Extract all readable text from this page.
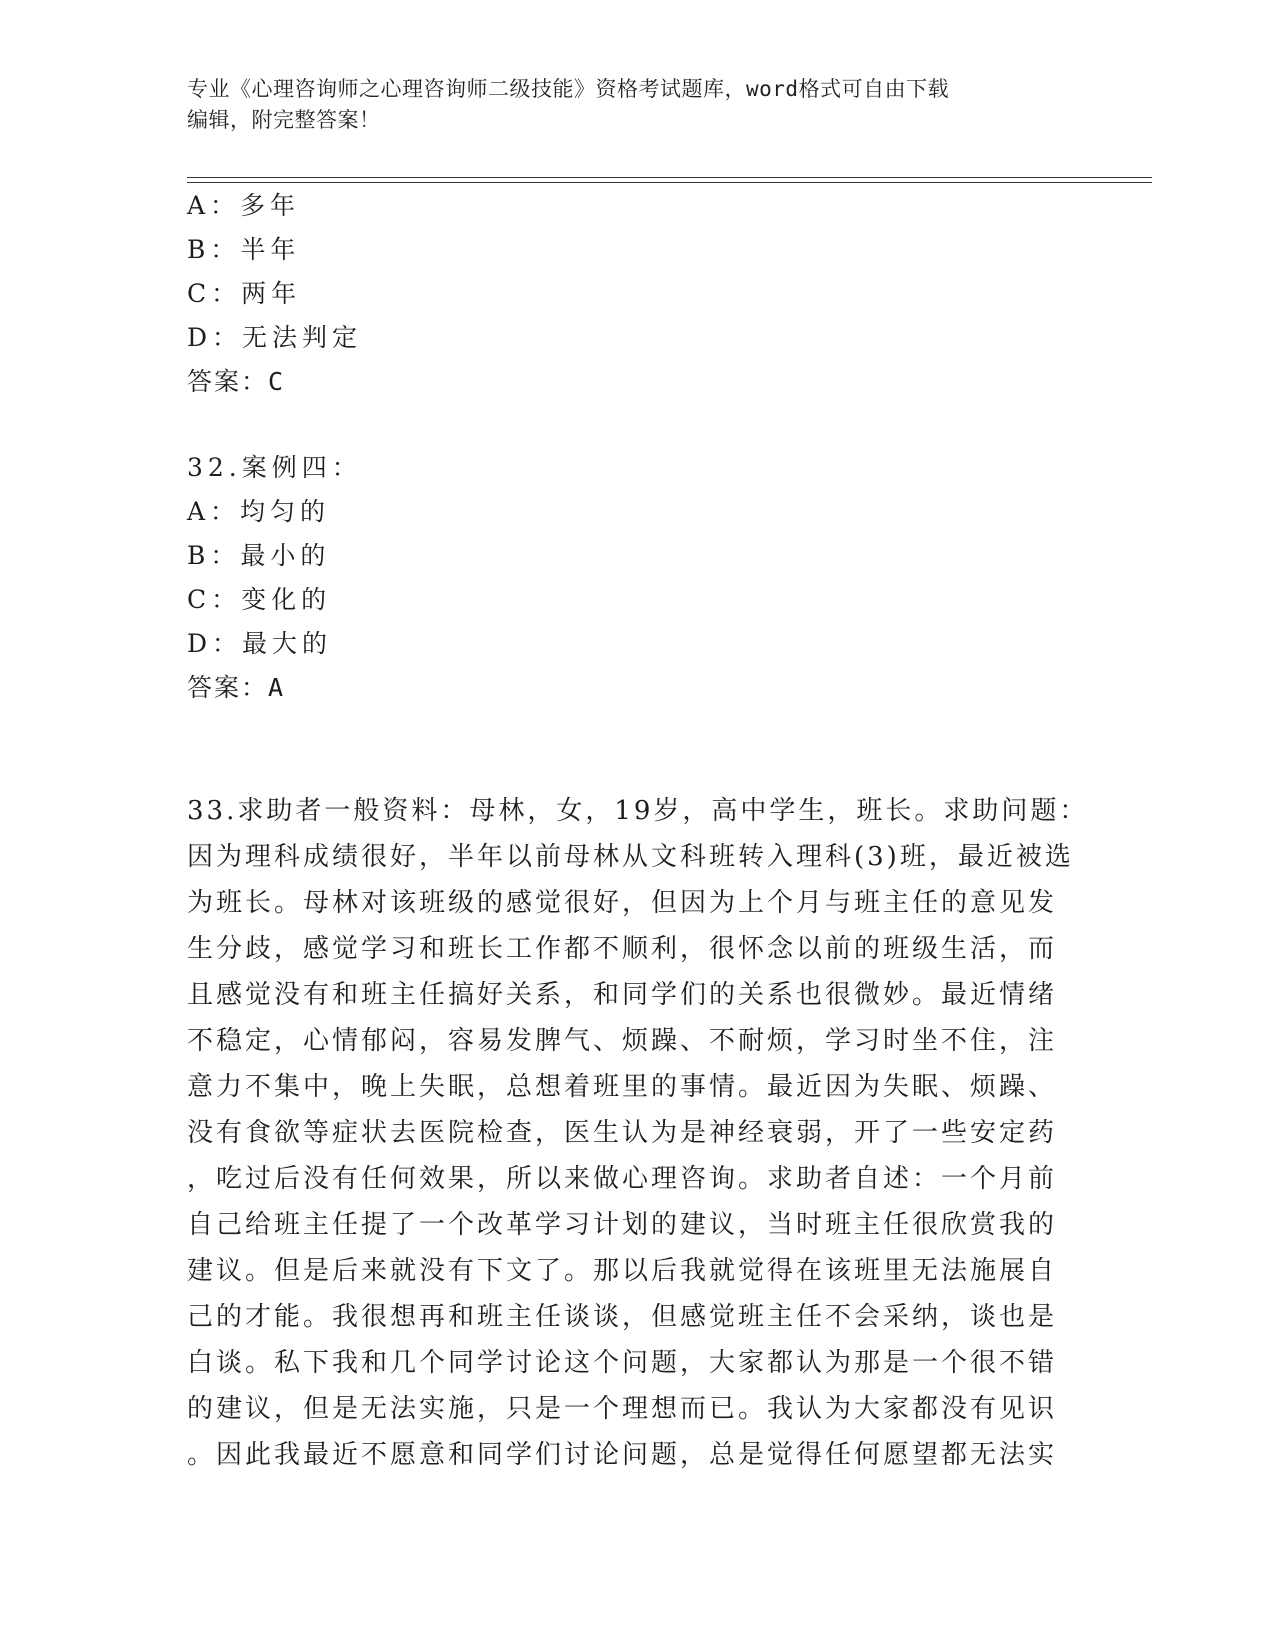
专业《心理咨询师之心理咨询师二级技能》资格考试题库，word格式可自由下载
编辑，附完整答案！
A：多年
B：半年
C：两年
D：无法判定
答案：C
32.案例四：
A：均匀的
B：最小的
C：变化的
D：最大的
答案：A
33.求助者一般资料：母林，女，19岁，高中学生，班长。求助问题：
因为理科成绩很好，半年以前母林从文科班转入理科(3)班，最近被选
为班长。母林对该班级的感觉很好，但因为上个月与班主任的意见发
生分歧，感觉学习和班长工作都不顺利，很怀念以前的班级生活，而
且感觉没有和班主任搞好关系，和同学们的关系也很微妙。最近情绪
不稳定，心情郁闷，容易发脾气、烦躁、不耐烦，学习时坐不住，注
意力不集中，晚上失眠，总想着班里的事情。最近因为失眠、烦躁、
没有食欲等症状去医院检查，医生认为是神经衰弱，开了一些安定药
，吃过后没有任何效果，所以来做心理咨询。求助者自述：一个月前
自己给班主任提了一个改革学习计划的建议，当时班主任很欣赏我的
建议。但是后来就没有下文了。那以后我就觉得在该班里无法施展自
己的才能。我很想再和班主任谈谈，但感觉班主任不会采纳，谈也是
白谈。私下我和几个同学讨论这个问题，大家都认为那是一个很不错
的建议，但是无法实施，只是一个理想而已。我认为大家都没有见识
。因此我最近不愿意和同学们讨论问题，总是觉得任何愿望都无法实
